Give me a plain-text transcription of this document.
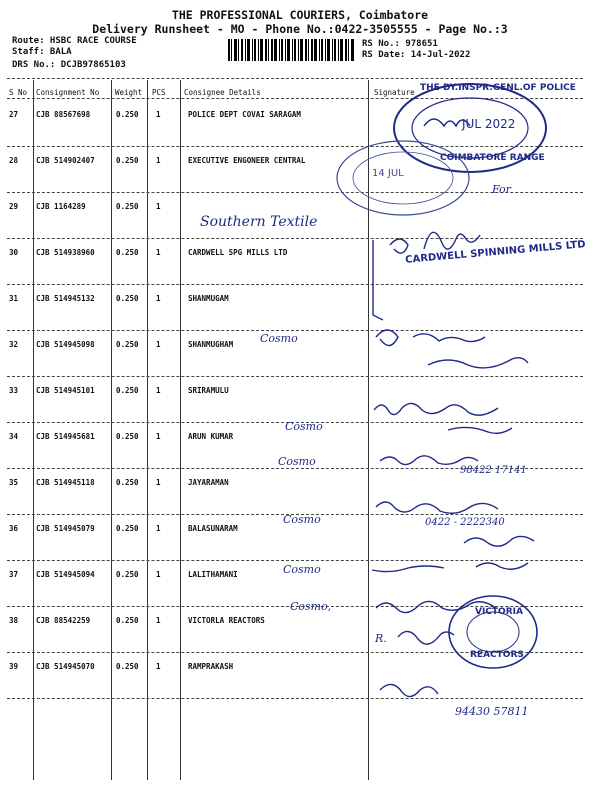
THE PROFESSIONAL COURIERS, Coimbatore
Delivery Runsheet - MO - Phone No.:0422-3505555 - Page No.:3
Route: HSBC RACE COURSE
Staff: BALA
DRS No.: DCJB97865103
RS No.: 978651
RS Date: 14-Jul-2022
S No Consignment No Weight PCS Consignee Details	Signature
27 CJB 88567698	0.250 1	POLICE DEPT COVAI SARAGAM
28 CJB 514902407	0.250 1	EXECUTIVE ENGONEER CENTRAL
29 CJB 1164289	0.250 1
30 CJB 514938960	0.250 1	CARDWELL SPG MILLS LTD
31 CJB 514945132	0.250 1	SHANMUGAM
32 CJB 514945098	0.250 1	SHANMUGHAM
33 CJB 514945101	0.250 1	SRIRAMULU
34 CJB 514945681	0.250 1	ARUN KUMAR
35 CJB 514945118	0.250 1	JAYARAMAN
36 CJB 514945079	0.250 1	BALASUNARAM
37 CJB 514945094	0.250 1	LALITHAMANI
38 CJB 88542259	0.250 1	VICTORLA REACTORS
39 CJB 514945070	0.250 1	RAMPRAKASH
Southern Textile
For
Cosmo
Cosmo
Cosmo
Cosmo
Cosmo
Cosmo,
98422 17141
0422 - 2222340
R.
94430 57811
THE DY.INSPR.GENL.OF POLICE
JUL 2022
COIMBATORE RANGE
14 JUL
CARDWELL SPINNING MILLS LTD
VICTORIA
REACTORS
